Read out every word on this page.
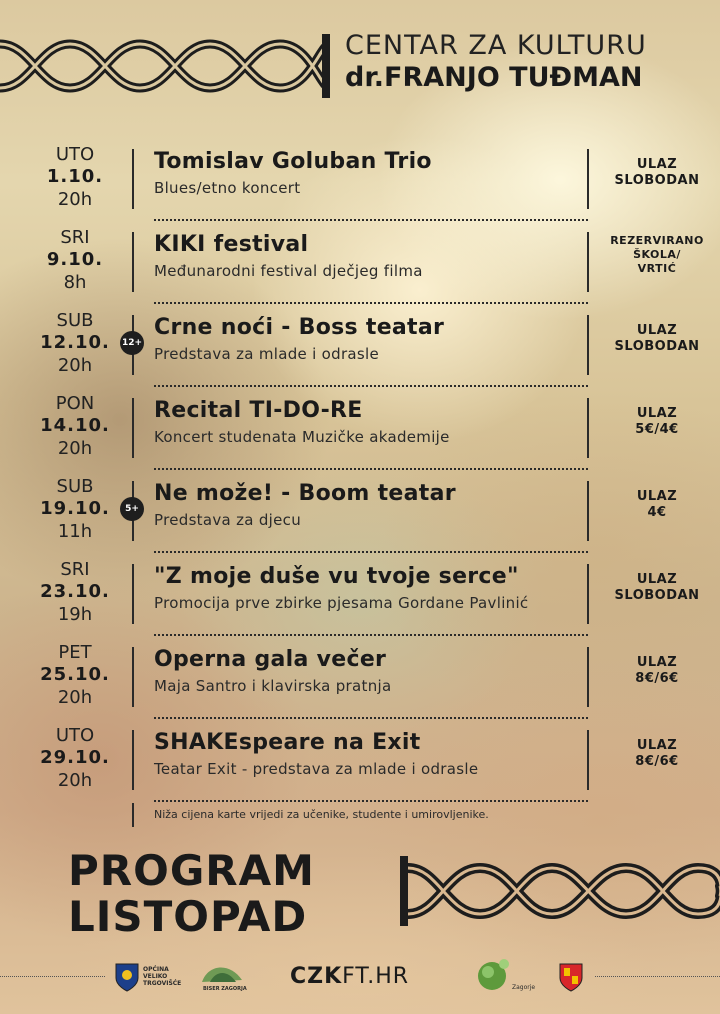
CENTAR ZA KULTURU
dr.FRANJO TUĐMAN
UTO
1.10.
20h
Tomislav Goluban Trio
Blues/etno koncert
ULAZ
SLOBODAN
SRI
9.10.
8h
KIKI festival
Međunarodni festival dječjeg filma
REZERVIRANO
ŠKOLA/
VRTIĆ
SUB
12.10.
20h
12+
Crne noći - Boss teatar
Predstava za mlade i odrasle
ULAZ
SLOBODAN
PON
14.10.
20h
Recital TI-DO-RE
Koncert studenata Muzičke akademije
ULAZ
5€/4€
SUB
19.10.
11h
5+
Ne može! - Boom teatar
Predstava za djecu
ULAZ
4€
SRI
23.10.
19h
"Z moje duše vu tvoje serce"
Promocija prve zbirke pjesama Gordane Pavlinić
ULAZ
SLOBODAN
PET
25.10.
20h
Operna gala večer
Maja Santro i klavirska pratnja
ULAZ
8€/6€
UTO
29.10.
20h
SHAKEspeare na Exit
Teatar Exit - predstava za mlade i odrasle
ULAZ
8€/6€
Niža cijena karte vrijedi za učenike, studente i umirovljenike.
PROGRAM
LISTOPAD
OPĆINA
VELIKO
TRGOVIŠĆE
BISER ZAGORJA CZKFT.HR	Zagorje
